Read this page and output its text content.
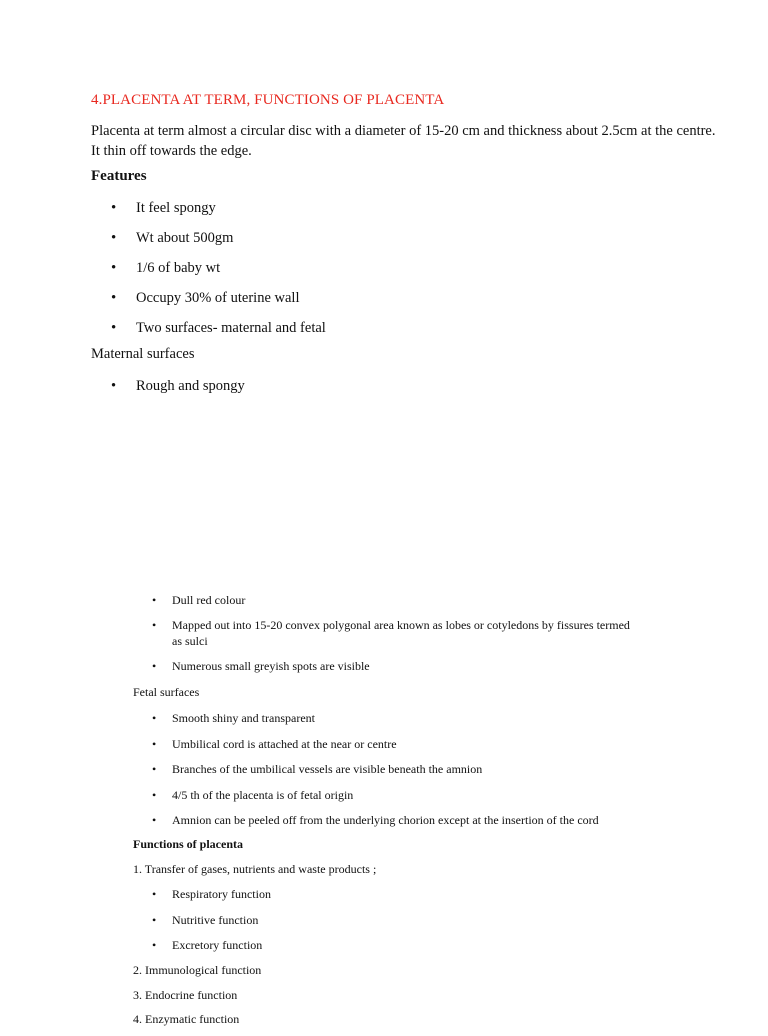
4.PLACENTA AT TERM, FUNCTIONS OF PLACENTA
Placenta at term almost a circular disc with a diameter of 15-20 cm and thickness about 2.5cm at the centre. It thin off towards the edge.
Features
• It feel spongy
• Wt about 500gm
• 1/6 of baby wt
• Occupy 30% of uterine wall
• Two surfaces- maternal and fetal
Maternal surfaces
• Rough and spongy
• Dull red colour
• Mapped out into 15-20 convex polygonal area known as lobes or cotyledons by fissures termed as sulci
• Numerous small greyish spots are visible
Fetal surfaces
• Smooth shiny and transparent
• Umbilical cord is attached at the near or centre
• Branches of the umbilical vessels are visible beneath the amnion
• 4/5 th of the placenta is of fetal origin
• Amnion can be peeled off from the underlying chorion except at the insertion of the cord
Functions of placenta
1. Transfer of gases, nutrients and waste products ;
• Respiratory function
• Nutritive function
• Excretory function
2. Immunological function
3. Endocrine function
4. Enzymatic function
